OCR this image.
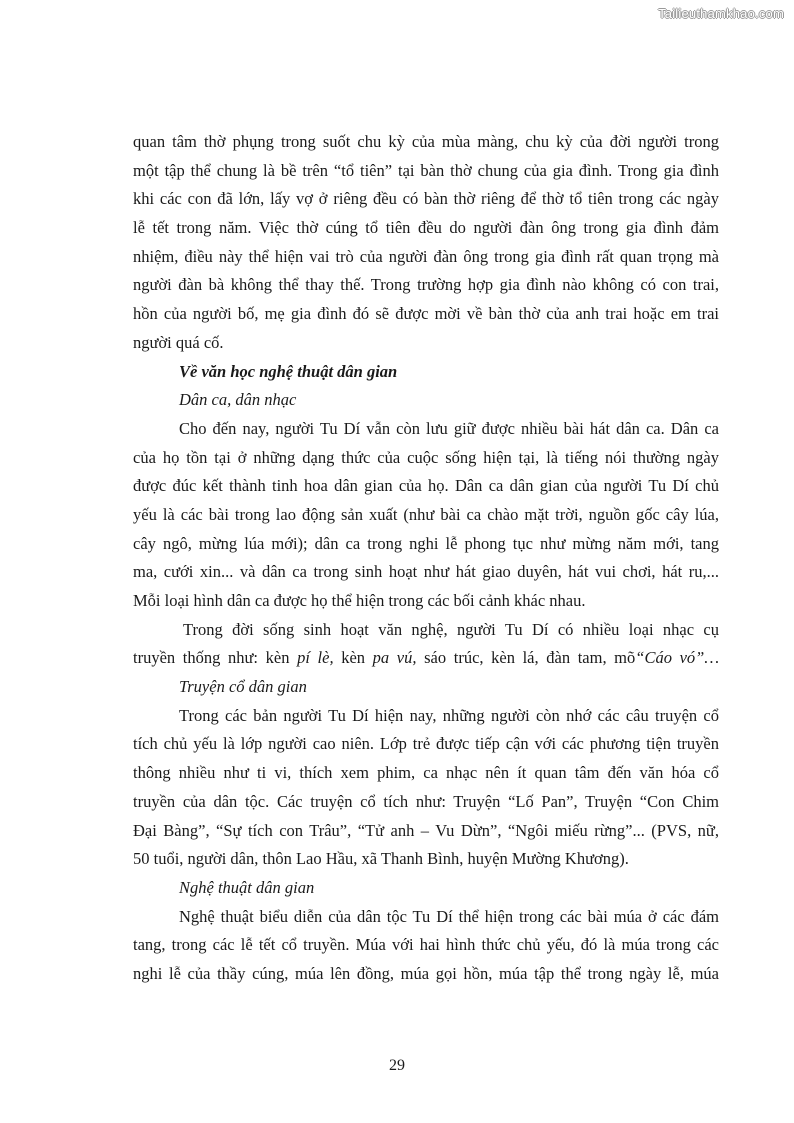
Tailieuthamkhao.com
quan tâm thờ phụng trong suốt chu kỳ của mùa màng, chu kỳ của đời người trong
một tập thể chung là bề trên “tổ tiên” tại bàn thờ chung của gia đình. Trong gia đình
khi các con đã lớn, lấy vợ ở riêng đều có bàn thờ riêng để thờ tổ tiên trong các ngày
lễ tết trong năm. Việc thờ cúng tổ tiên đều do người đàn ông trong gia đình đảm
nhiệm, điều này thể hiện vai trò của người đàn ông trong gia đình rất quan trọng mà
người đàn bà không thể thay thế. Trong trường hợp gia đình nào không có con trai,
hồn của người bố, mẹ gia đình đó sẽ được mời về bàn thờ của anh trai hoặc em trai
người quá cố.
Về văn học nghệ thuật dân gian
Dân ca, dân nhạc
Cho đến nay, người Tu Dí vẫn còn lưu giữ được nhiều bài hát dân ca. Dân ca
của họ tồn tại ở những dạng thức của cuộc sống hiện tại, là tiếng nói thường ngày
được đúc kết thành tinh hoa dân gian của họ. Dân ca dân gian của người Tu Dí chủ
yếu là các bài trong lao động sản xuất (như bài ca chào mặt trời, nguồn gốc cây lúa,
cây ngô, mừng lúa mới); dân ca trong nghi lễ phong tục như mừng năm mới, tang
ma, cưới xin... và dân ca trong sinh hoạt như hát giao duyên, hát vui chơi, hát ru,...
Mỗi loại hình dân ca được họ thể hiện trong các bối cảnh khác nhau.
Trong đời sống sinh hoạt văn nghệ, người Tu Dí có nhiều loại nhạc cụ
truyền thống như: kèn pí lè, kèn pa vú, sáo trúc, kèn lá, đàn tam, mõ“Cáo vó”…
Truyện cổ dân gian
Trong các bản người Tu Dí hiện nay, những người còn nhớ các câu truyện cổ
tích chủ yếu là lớp người cao niên. Lớp trẻ được tiếp cận với các phương tiện truyền
thông nhiều như ti vi, thích xem phim, ca nhạc nên ít quan tâm đến văn hóa cổ
truyền của dân tộc. Các truyện cổ tích như: Truyện “Lố Pan”, Truyện “Con Chim
Đại Bàng”, “Sự tích con Trâu”, “Tử anh – Vu Dừn”, “Ngôi miếu rừng”... (PVS, nữ,
50 tuổi, người dân, thôn Lao Hầu, xã Thanh Bình, huyện Mường Khương).
Nghệ thuật dân gian
Nghệ thuật biểu diễn của dân tộc Tu Dí thể hiện trong các bài múa ở các đám
tang, trong các lễ tết cổ truyền. Múa với hai hình thức chủ yếu, đó là múa trong các
nghi lễ của thầy cúng, múa lên đồng, múa gọi hồn, múa tập thể trong ngày lễ, múa
29
